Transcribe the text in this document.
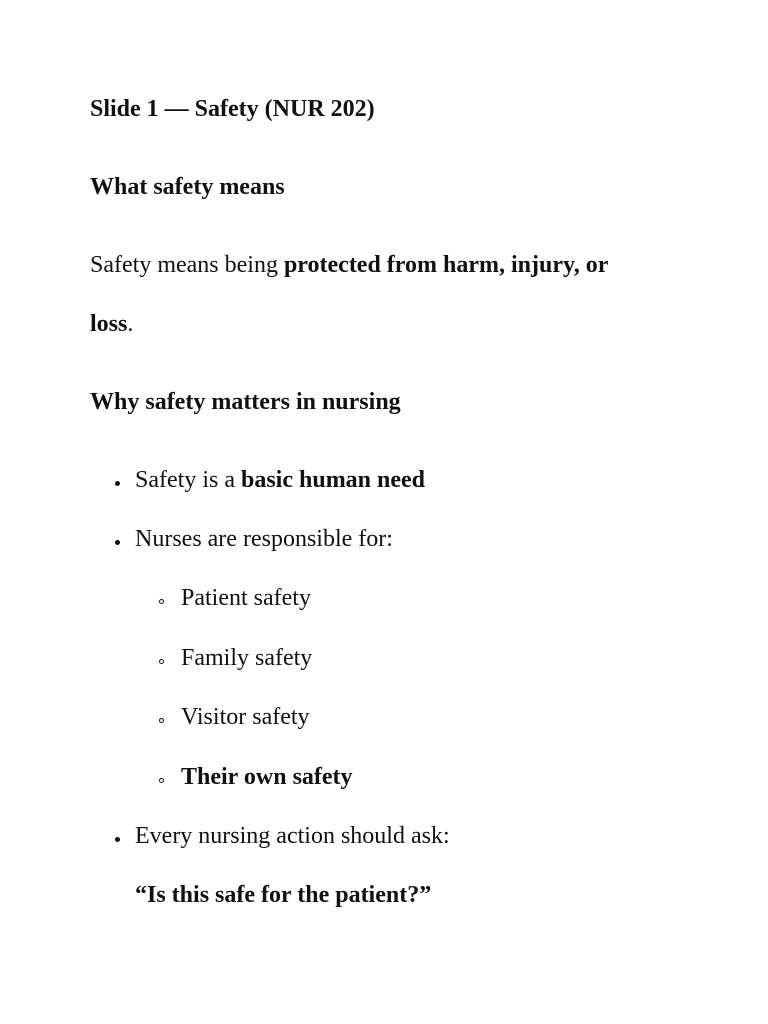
Slide 1 — Safety (NUR 202)
What safety means
Safety means being protected from harm, injury, or
loss.
Why safety matters in nursing
Safety is a basic human need
Nurses are responsible for:
Patient safety
Family safety
Visitor safety
Their own safety
Every nursing action should ask:
“Is this safe for the patient?”
